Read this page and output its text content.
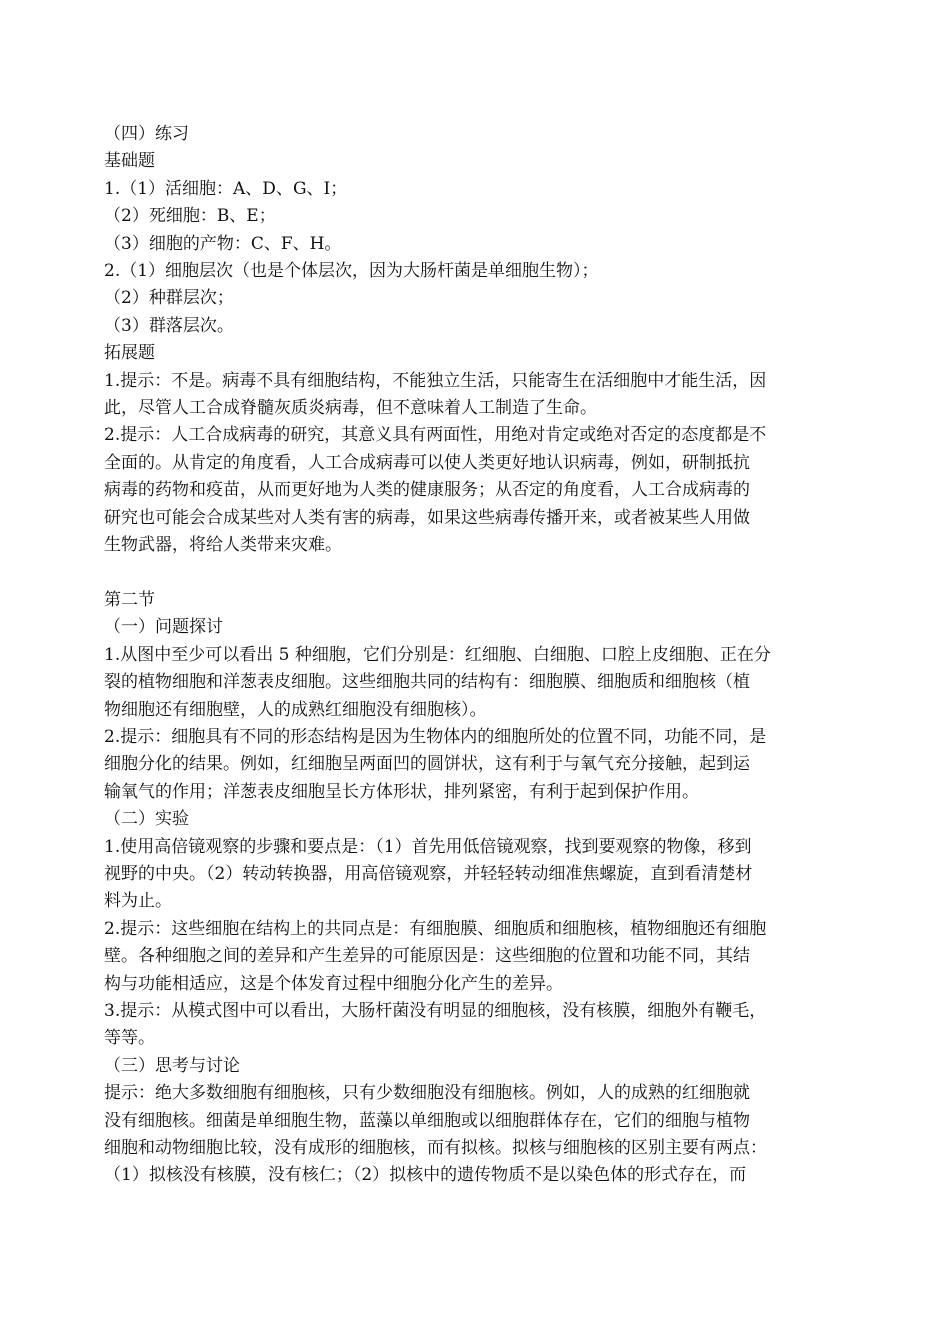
（四）练习

基础题

1.（1）活细胞：A、D、G、I；

（2）死细胞：B、E；

（3）细胞的产物：C、F、H。

2.（1）细胞层次（也是个体层次，因为大肠杆菌是单细胞生物）；

（2）种群层次；

（3）群落层次。

拓展题

1.提示：不是。病毒不具有细胞结构，不能独立生活，只能寄生在活细胞中才能生活，因

此，尽管人工合成脊髓灰质炎病毒，但不意味着人工制造了生命。

2.提示：人工合成病毒的研究，其意义具有两面性，用绝对肯定或绝对否定的态度都是不

全面的。从肯定的角度看，人工合成病毒可以使人类更好地认识病毒，例如，研制抵抗

病毒的药物和疫苗，从而更好地为人类的健康服务；从否定的角度看，人工合成病毒的

研究也可能会合成某些对人类有害的病毒，如果这些病毒传播开来，或者被某些人用做

生物武器，将给人类带来灾难。

第二节

（一）问题探讨

1.从图中至少可以看出 5 种细胞，它们分别是：红细胞、白细胞、口腔上皮细胞、正在分

裂的植物细胞和洋葱表皮细胞。这些细胞共同的结构有：细胞膜、细胞质和细胞核（植

物细胞还有细胞壁，人的成熟红细胞没有细胞核）。

2.提示：细胞具有不同的形态结构是因为生物体内的细胞所处的位置不同，功能不同，是

细胞分化的结果。例如，红细胞呈两面凹的圆饼状，这有利于与氧气充分接触，起到运

输氧气的作用；洋葱表皮细胞呈长方体形状，排列紧密，有利于起到保护作用。

（二）实验

1.使用高倍镜观察的步骤和要点是：（1）首先用低倍镜观察，找到要观察的物像，移到

视野的中央。（2）转动转换器，用高倍镜观察，并轻轻转动细准焦螺旋，直到看清楚材

料为止。

2.提示：这些细胞在结构上的共同点是：有细胞膜、细胞质和细胞核，植物细胞还有细胞

壁。各种细胞之间的差异和产生差异的可能原因是：这些细胞的位置和功能不同，其结

构与功能相适应，这是个体发育过程中细胞分化产生的差异。

3.提示：从模式图中可以看出，大肠杆菌没有明显的细胞核，没有核膜，细胞外有鞭毛，

等等。

（三）思考与讨论

提示：绝大多数细胞有细胞核，只有少数细胞没有细胞核。例如，人的成熟的红细胞就

没有细胞核。细菌是单细胞生物，蓝藻以单细胞或以细胞群体存在，它们的细胞与植物

细胞和动物细胞比较，没有成形的细胞核，而有拟核。拟核与细胞核的区别主要有两点：

（1）拟核没有核膜，没有核仁；（2）拟核中的遗传物质不是以染色体的形式存在，而
